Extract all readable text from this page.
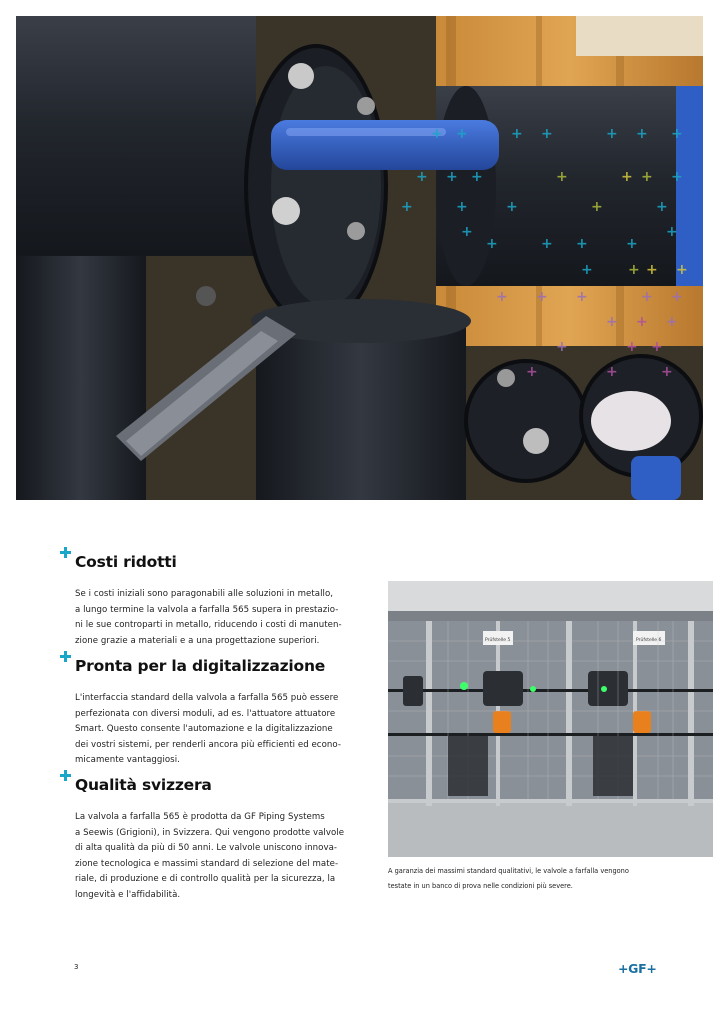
+ +	+ +	+ + +
+ + +	+	+ + +
+	+	+	+	+
+
+	+ +	+
+
+	+ + +
+ + +	+ +
+ + +
+	+ +
+	+	+
Costi ridotti
Se i costi iniziali sono paragonabili alle soluzioni in metallo,
a lungo termine la valvola a farfalla 565 supera in prestazio-
ni le sue controparti in metallo, riducendo i costi di manuten-
zione grazie a materiali e a una progettazione superiori.
Pronta per la digitalizzazione
L'interfaccia standard della valvola a farfalla 565 può essere
perfezionata con diversi moduli, ad es. l'attuatore attuatore
Smart. Questo consente l'automazione e la digitalizzazione
dei vostri sistemi, per renderli ancora più efficienti ed econo-
micamente vantaggiosi.
Qualità svizzera
La valvola a farfalla 565 è prodotta da GF Piping Systems
a Seewis (Grigioni), in Svizzera. Qui vengono prodotte valvole
di alta qualità da più di 50 anni. Le valvole uniscono innova-
zione tecnologica e massimi standard di selezione del mate-
riale, di produzione e di controllo qualità per la sicurezza, la
longevità e l'affidabilità.
Prüfstelle 5	Prüfstelle 6
A garanzia dei massimi standard qualitativi, le valvole a farfalla vengono
testate in un banco di prova nelle condizioni più severe.
3	+GF+
